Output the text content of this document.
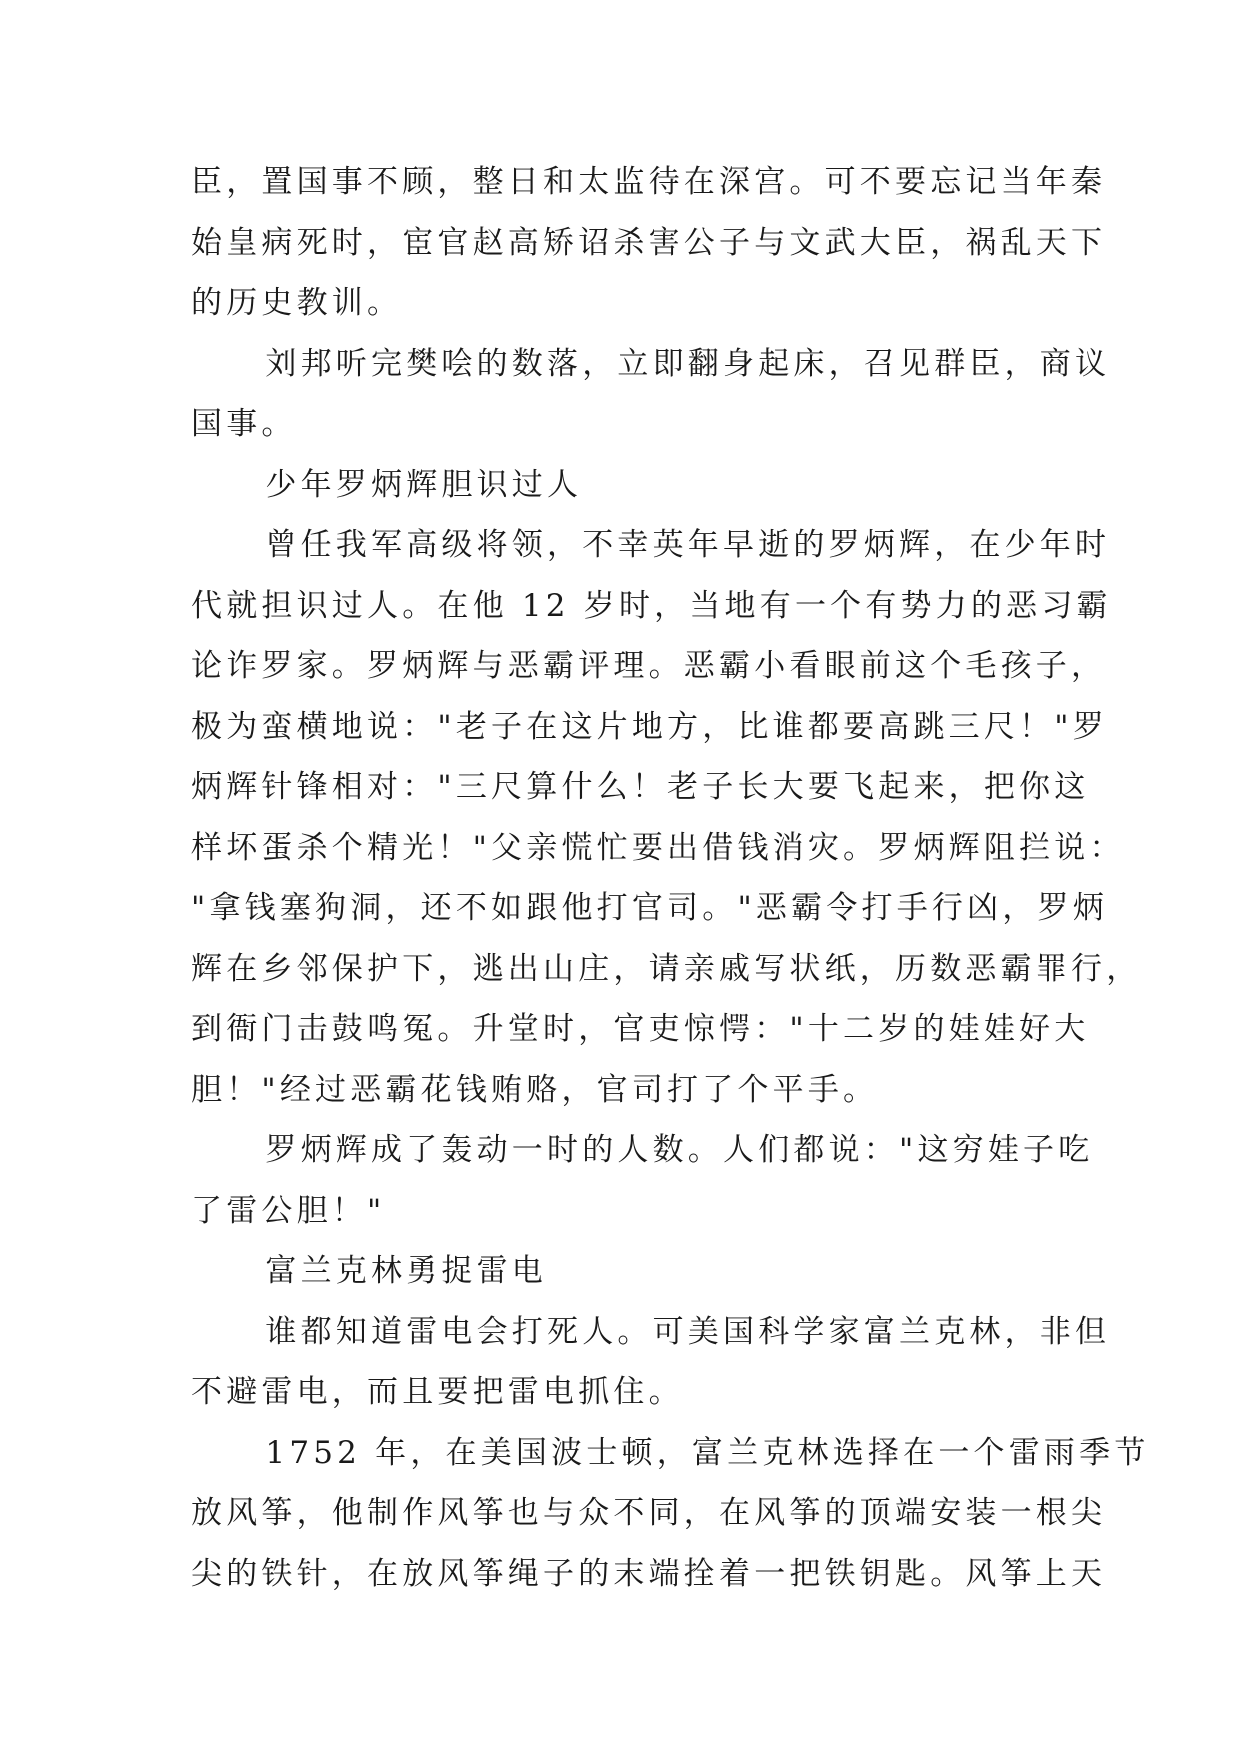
臣，置国事不顾，整日和太监待在深宫。可不要忘记当年秦
始皇病死时，宦官赵高矫诏杀害公子与文武大臣，祸乱天下
的历史教训。
刘邦听完樊哙的数落，立即翻身起床，召见群臣，商议
国事。
少年罗炳辉胆识过人
曾任我军高级将领，不幸英年早逝的罗炳辉，在少年时
代就担识过人。在他 12 岁时，当地有一个有势力的恶习霸
论诈罗家。罗炳辉与恶霸评理。恶霸小看眼前这个毛孩子，
极为蛮横地说："老子在这片地方，比谁都要高跳三尺！"罗
炳辉针锋相对："三尺算什么！老子长大要飞起来，把你这
样坏蛋杀个精光！"父亲慌忙要出借钱消灾。罗炳辉阻拦说：
"拿钱塞狗洞，还不如跟他打官司。"恶霸令打手行凶，罗炳
辉在乡邻保护下，逃出山庄，请亲戚写状纸，历数恶霸罪行，
到衙门击鼓鸣冤。升堂时，官吏惊愕："十二岁的娃娃好大
胆！"经过恶霸花钱贿赂，官司打了个平手。
罗炳辉成了轰动一时的人数。人们都说："这穷娃子吃
了雷公胆！"
富兰克林勇捉雷电
谁都知道雷电会打死人。可美国科学家富兰克林，非但
不避雷电，而且要把雷电抓住。
1752 年，在美国波士顿，富兰克林选择在一个雷雨季节
放风筝，他制作风筝也与众不同，在风筝的顶端安装一根尖
尖的铁针，在放风筝绳子的末端拴着一把铁钥匙。风筝上天
